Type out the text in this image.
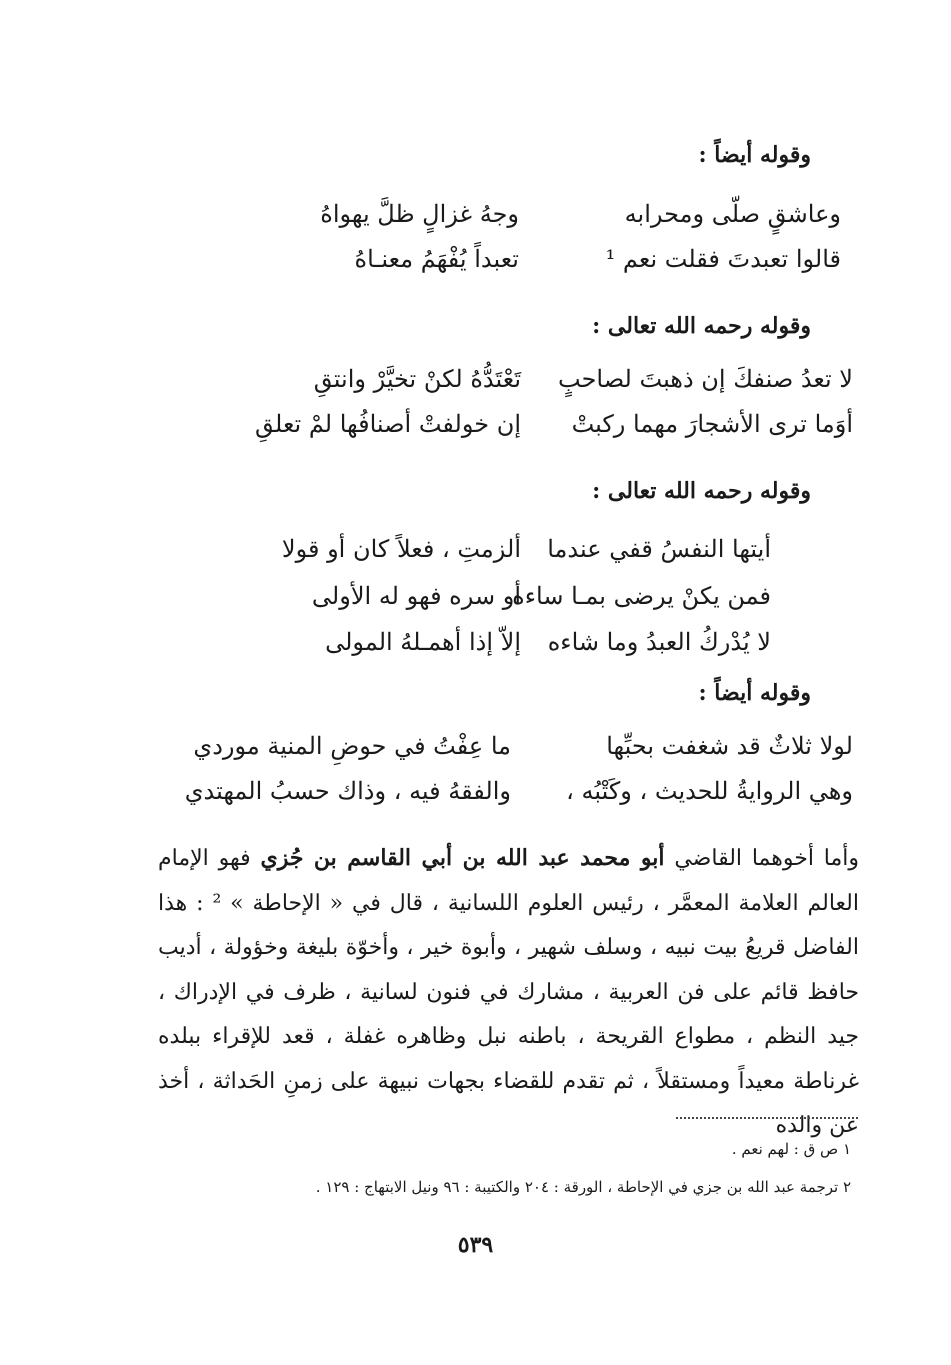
وقوله أيضاً :
وعاشقٍ صلّى ومحرابه
وجهُ غزالٍ ظلَّ يهواهُ
قالوا تعبدتَ فقلت نعم ¹
تعبداً يُفْهَمُ معنـاهُ
وقوله رحمه الله تعالى :
لا تعدُ صنفكَ إن ذهبتَ لصاحبٍ
تَعْتَدُّهُ لكنْ تخيَّرْ وانتقِ
أوَما ترى الأشجارَ مهما ركبتْ
إن خولفتْ أصنافُها لمْ تعلقِ
وقوله رحمه الله تعالى :
أيتها النفسُ قفي عندما
ألزمتِ ، فعلاً كان أو قولا
فمن يكنْ يرضى بمـا ساءه
أو سره فهو له الأولى
لا يُدْركُ العبدُ وما شاءه
إلاّ إذا أهمـلهُ المولى
وقوله أيضاً :
لولا ثلاثٌ قد شغفت بحبِّها
ما عِفْتُ في حوضِ المنية موردي
وهي الروايةُ للحديث ، وكَتْبُه ،
والفقهُ فيه ، وذاك حسبُ المهتدي
وأما أخوهما القاضي أبو محمد عبد الله بن أبي القاسم بن جُزي فهو الإمام العالم العلامة المعمَّر ، رئيس العلوم اللسانية ، قال في « الإحاطة » ² : هذا الفاضل قريعُ بيت نبيه ، وسلف شهير ، وأبوة خير ، وأخوّة بليغة وخؤولة ، أديب حافظ قائم على فن العربية ، مشارك في فنون لسانية ، ظرف في الإدراك ، جيد النظم ، مطواع القريحة ، باطنه نبل وظاهره غفلة ، قعد للإقراء ببلده غرناطة معيداً ومستقلاً ، ثم تقدم للقضاء بجهات نبيهة على زمنِ الحَداثة ، أخذ عن والده
١ ص ق : لهم نعم .
٢ ترجمة عبد الله بن جزي في الإحاطة ، الورقة : ٢٠٤ والكتيبة : ٩٦ ونيل الابتهاج : ١٢٩ .
٥٣٩
